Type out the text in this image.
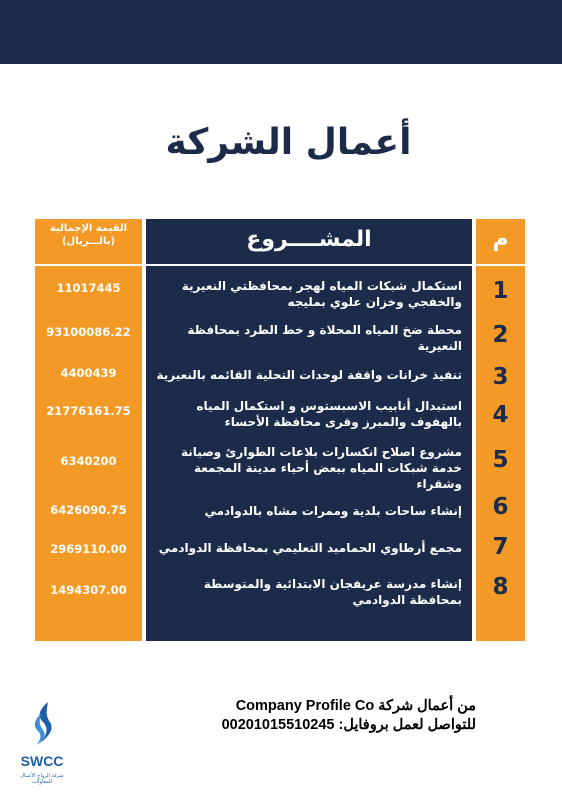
أعمال الشركة
م
المشــــروع
القيمة الإجمالية (بالـــريال)
1
استكمال شبكات المياه لهجر بمحافظتي النعيرية والخفجي وخزان علوي بمليجه
11017445
2
محطة ضخ المياه المحلاة و خط الطرد بمحافظة النعيرية
93100086.22
3
تنفيذ خرانات واقفة لوحدات التحلية القائمه بالنعيرية
4400439
4
استبدال أنابيب الاسبستوس و استكمال المياه بالهفوف والمبرز وقرى محافظة الأحساء
21776161.75
5
مشروع اصلاح انكسارات بلاعات الطوارئ وصيانة خدمة شبكات المياه ببعض أحياء مدينة المجمعة وشقراء
6340200
6
إنشاء ساحات بلدية وممرات مشاه بالدوادمي
6426090.75
7
مجمع أرطاوي الحماميد التعليمي بمحافظة الدوادمي
2969110.00
8
إنشاء مدرسة عريفجان الابتدائية والمتوسطة بمحافظة الدوادمي
1494307.00
من أعمال شركة Company Profile Co
للتواصل لعمل بروفايل: 00201015510245
SWCC
شركة الرواج الأعمال للمقاولات
